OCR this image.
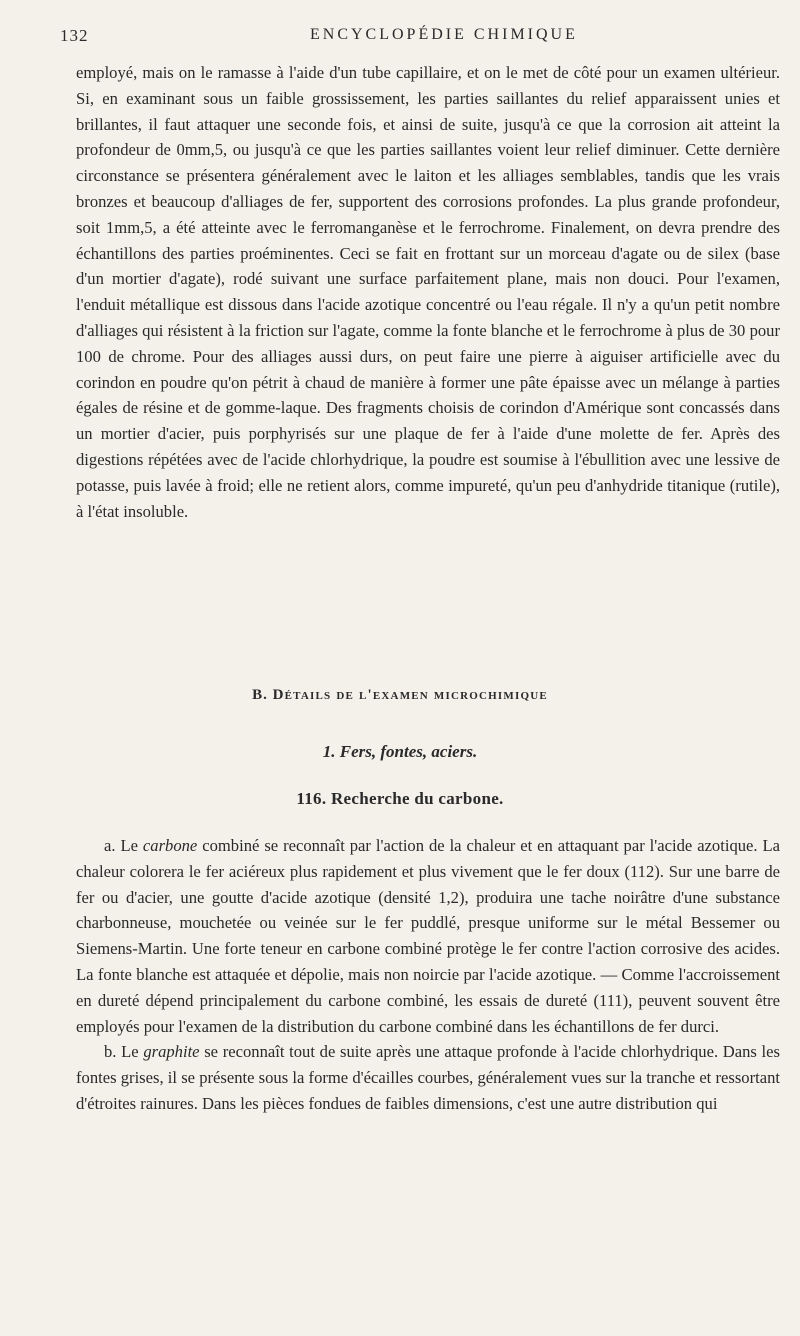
132	ENCYCLOPÉDIE CHIMIQUE

employé, mais on le ramasse à l'aide d'un tube capillaire, et on le met de côté pour un examen ultérieur. Si, en examinant sous un faible grossissement, les parties saillantes du relief apparaissent unies et brillantes, il faut attaquer une seconde fois, et ainsi de suite, jusqu'à ce que la corrosion ait atteint la profondeur de 0mm,5, ou jusqu'à ce que les parties saillantes voient leur relief diminuer. Cette dernière circonstance se présentera généralement avec le laiton et les alliages semblables, tandis que les vrais bronzes et beaucoup d'alliages de fer, supportent des corrosions profondes. La plus grande profondeur, soit 1mm,5, a été atteinte avec le ferromanganèse et le ferrochrome. Finalement, on devra prendre des échantillons des parties proéminentes. Ceci se fait en frottant sur un morceau d'agate ou de silex (base d'un mortier d'agate), rodé suivant une surface parfaitement plane, mais non douci. Pour l'examen, l'enduit métallique est dissous dans l'acide azotique concentré ou l'eau régale. Il n'y a qu'un petit nombre d'alliages qui résistent à la friction sur l'agate, comme la fonte blanche et le ferrochrome à plus de 30 pour 100 de chrome. Pour des alliages aussi durs, on peut faire une pierre à aiguiser artificielle avec du corindon en poudre qu'on pétrit à chaud de manière à former une pâte épaisse avec un mélange à parties égales de résine et de gomme-laque. Des fragments choisis de corindon d'Amérique sont concassés dans un mortier d'acier, puis porphyrisés sur une plaque de fer à l'aide d'une molette de fer. Après des digestions répétées avec de l'acide chlorhydrique, la poudre est soumise à l'ébullition avec une lessive de potasse, puis lavée à froid; elle ne retient alors, comme impureté, qu'un peu d'anhydride titanique (rutile), à l'état insoluble.

B. Détails de l'examen microchimique
1. Fers, fontes, aciers.
116. Recherche du carbone.

a. Le carbone combiné se reconnaît par l'action de la chaleur et en attaquant par l'acide azotique. La chaleur colorera le fer aciéreux plus rapidement et plus vivement que le fer doux (112). Sur une barre de fer ou d'acier, une goutte d'acide azotique (densité 1,2), produira une tache noirâtre d'une substance charbonneuse, mouchetée ou veinée sur le fer puddlé, presque uniforme sur le métal Bessemer ou Siemens-Martin. Une forte teneur en carbone combiné protège le fer contre l'action corrosive des acides. La fonte blanche est attaquée et dépolie, mais non noircie par l'acide azotique. — Comme l'accroissement en dureté dépend principalement du carbone combiné, les essais de dureté (111), peuvent souvent être employés pour l'examen de la distribution du carbone combiné dans les échantillons de fer durci.

b. Le graphite se reconnaît tout de suite après une attaque profonde à l'acide chlorhydrique. Dans les fontes grises, il se présente sous la forme d'écailles courbes, généralement vues sur la tranche et ressortant d'étroites rainures. Dans les pièces fondues de faibles dimensions, c'est une autre distribution qui
